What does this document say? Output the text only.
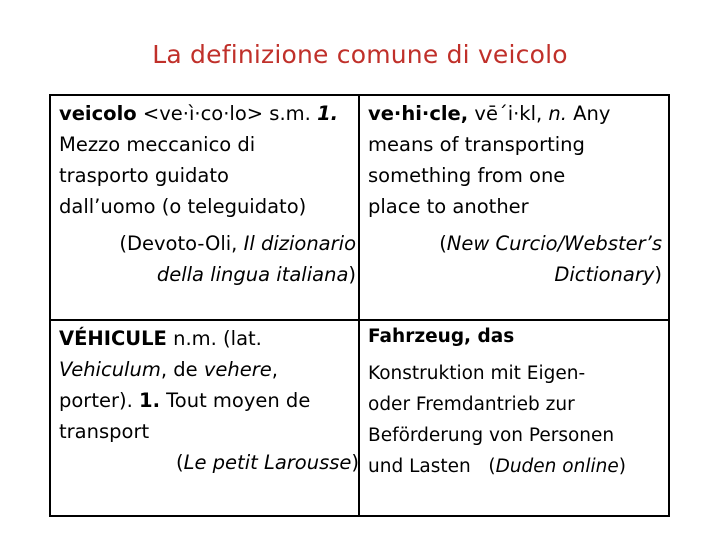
La definizione comune di veicolo
veicolo <ve·ì·co·lo> s.m. 1.
Mezzo meccanico di
trasporto guidato
dall’uomo (o teleguidato)
(Devoto-Oli, Il dizionario
della lingua italiana)
ve·hi·cle, vē´i·kl, n. Any
means of transporting
something from one
place to another
(New Curcio/Webster’s
Dictionary)
VÉHICULE n.m. (lat.
Vehiculum, de vehere,
porter). 1. Tout moyen de
transport
(Le petit Larousse)
Fahrzeug, das
Konstruktion mit Eigen-
oder Fremdantrieb zur
Beförderung von Personen
und Lasten   (Duden online)
